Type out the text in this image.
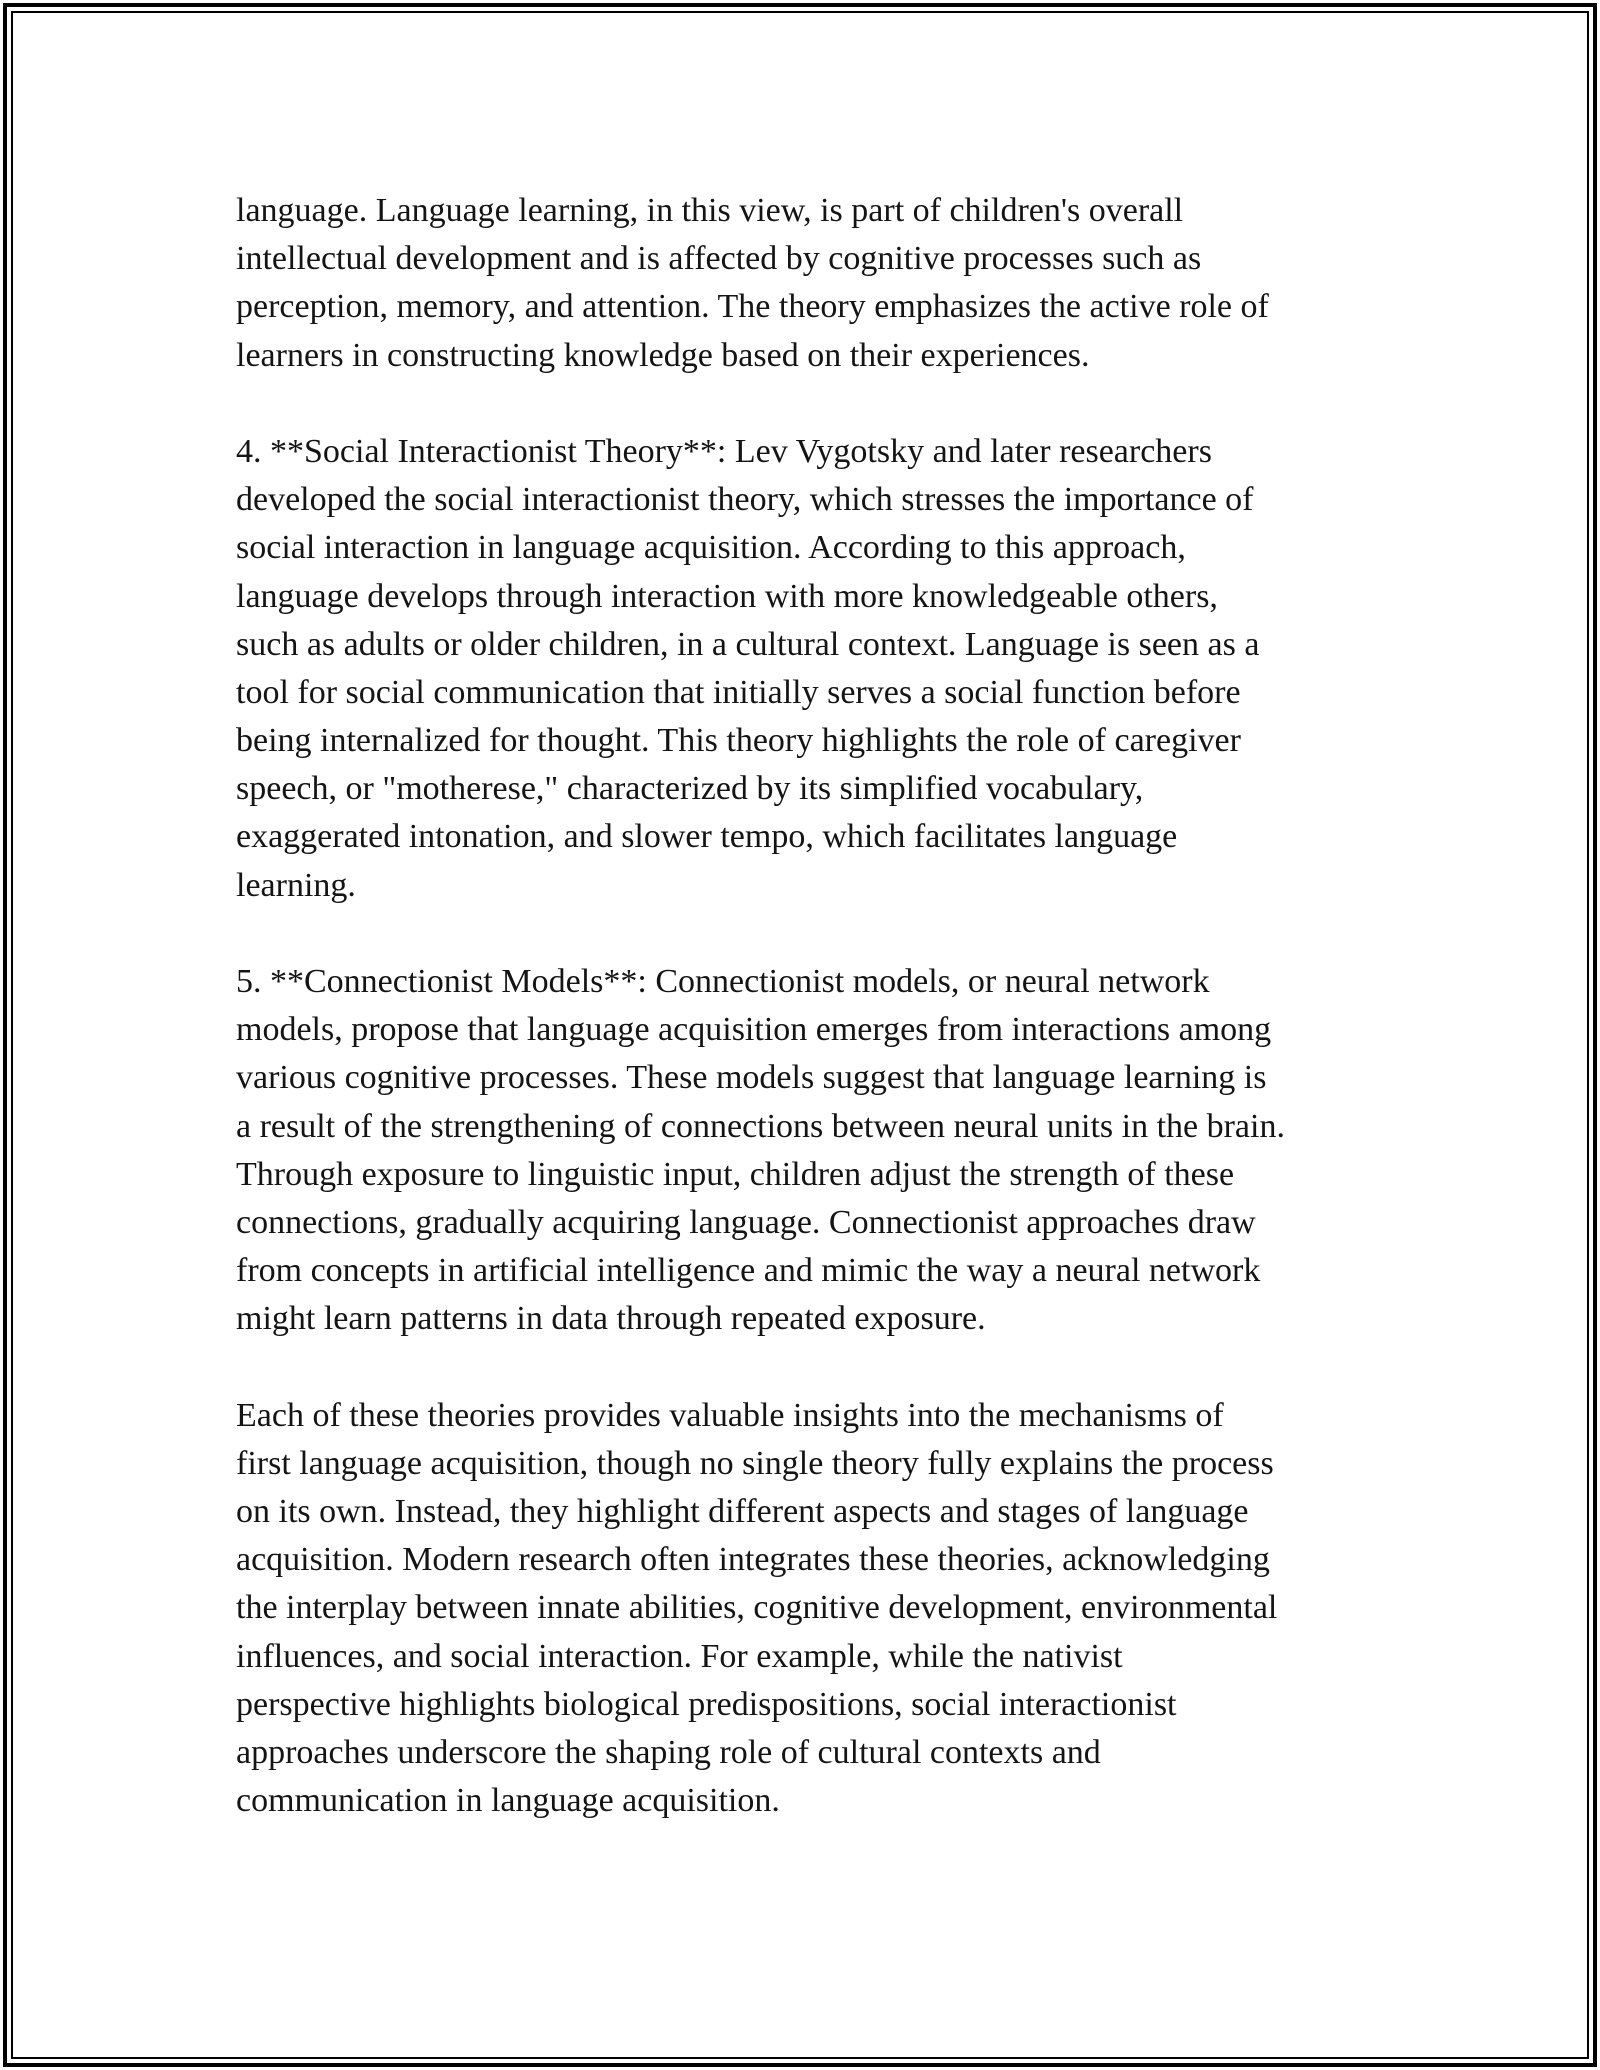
language. Language learning, in this view, is part of children's overall
intellectual development and is affected by cognitive processes such as
perception, memory, and attention. The theory emphasizes the active role of
learners in constructing knowledge based on their experiences.
4. **Social Interactionist Theory**: Lev Vygotsky and later researchers
developed the social interactionist theory, which stresses the importance of
social interaction in language acquisition. According to this approach,
language develops through interaction with more knowledgeable others,
such as adults or older children, in a cultural context. Language is seen as a
tool for social communication that initially serves a social function before
being internalized for thought. This theory highlights the role of caregiver
speech, or "motherese," characterized by its simplified vocabulary,
exaggerated intonation, and slower tempo, which facilitates language
learning.
5. **Connectionist Models**: Connectionist models, or neural network
models, propose that language acquisition emerges from interactions among
various cognitive processes. These models suggest that language learning is
a result of the strengthening of connections between neural units in the brain.
Through exposure to linguistic input, children adjust the strength of these
connections, gradually acquiring language. Connectionist approaches draw
from concepts in artificial intelligence and mimic the way a neural network
might learn patterns in data through repeated exposure.
Each of these theories provides valuable insights into the mechanisms of
first language acquisition, though no single theory fully explains the process
on its own. Instead, they highlight different aspects and stages of language
acquisition. Modern research often integrates these theories, acknowledging
the interplay between innate abilities, cognitive development, environmental
influences, and social interaction. For example, while the nativist
perspective highlights biological predispositions, social interactionist
approaches underscore the shaping role of cultural contexts and
communication in language acquisition.
